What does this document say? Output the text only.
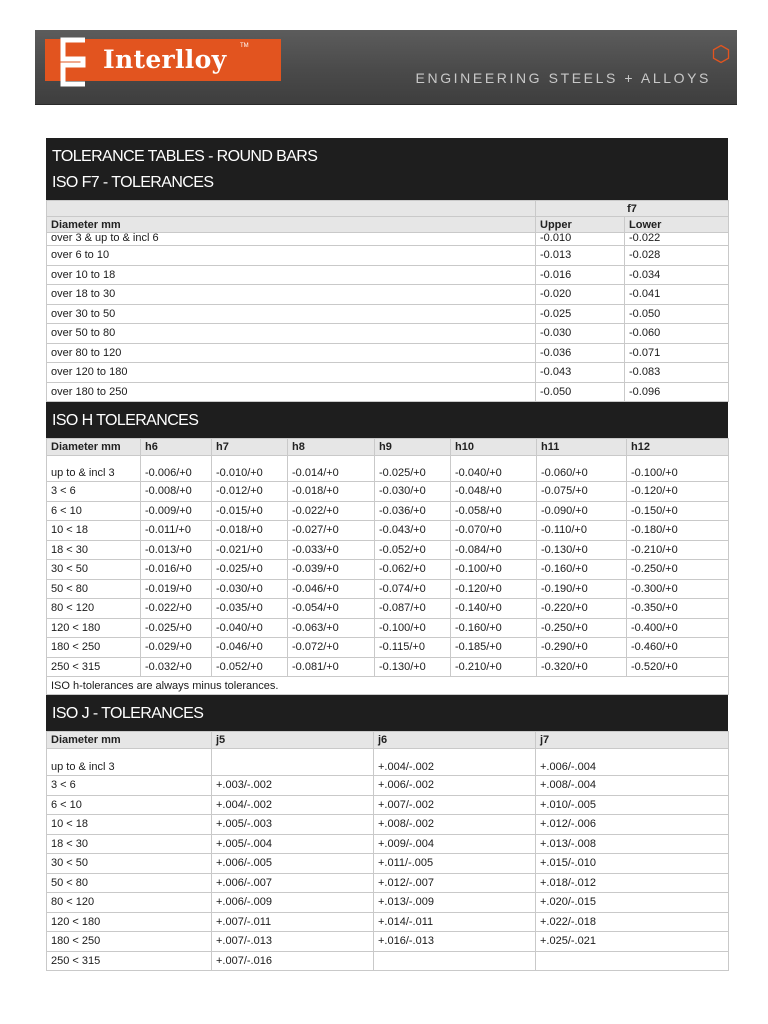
Interlloy TM
ENGINEERING STEELS + ALLOYS
TOLERANCE TABLES - ROUND BARS
ISO F7 - TOLERANCES
	f7	
Diameter mm	Upper	Lower
over 3 & up to & incl 6	-0.010	-0.022
over 6 to 10	-0.013	-0.028
over 10 to 18	-0.016	-0.034
over 18 to 30	-0.020	-0.041
over 30 to 50	-0.025	-0.050
over 50 to 80	-0.030	-0.060
over 80 to 120	-0.036	-0.071
over 120 to 180	-0.043	-0.083
over 180 to 250	-0.050	-0.096
ISO H TOLERANCES
Diameter mm	h6	h7	h8	h9	h10	h11	h12
up to & incl 3	-0.006/+0	-0.010/+0	-0.014/+0	-0.025/+0	-0.040/+0	-0.060/+0	-0.100/+0
3 < 6	-0.008/+0	-0.012/+0	-0.018/+0	-0.030/+0	-0.048/+0	-0.075/+0	-0.120/+0
6 < 10	-0.009/+0	-0.015/+0	-0.022/+0	-0.036/+0	-0.058/+0	-0.090/+0	-0.150/+0
10 < 18	-0.011/+0	-0.018/+0	-0.027/+0	-0.043/+0	-0.070/+0	-0.110/+0	-0.180/+0
18 < 30	-0.013/+0	-0.021/+0	-0.033/+0	-0.052/+0	-0.084/+0	-0.130/+0	-0.210/+0
30 < 50	-0.016/+0	-0.025/+0	-0.039/+0	-0.062/+0	-0.100/+0	-0.160/+0	-0.250/+0
50 < 80	-0.019/+0	-0.030/+0	-0.046/+0	-0.074/+0	-0.120/+0	-0.190/+0	-0.300/+0
80 < 120	-0.022/+0	-0.035/+0	-0.054/+0	-0.087/+0	-0.140/+0	-0.220/+0	-0.350/+0
120 < 180	-0.025/+0	-0.040/+0	-0.063/+0	-0.100/+0	-0.160/+0	-0.250/+0	-0.400/+0
180 < 250	-0.029/+0	-0.046/+0	-0.072/+0	-0.115/+0	-0.185/+0	-0.290/+0	-0.460/+0
250 < 315	-0.032/+0	-0.052/+0	-0.081/+0	-0.130/+0	-0.210/+0	-0.320/+0	-0.520/+0
ISO h-tolerances are always minus tolerances.							
ISO J - TOLERANCES
Diameter mm	j5	j6	j7
up to & incl 3		+.004/-.002	+.006/-.004
3 < 6	+.003/-.002	+.006/-.002	+.008/-.004
6 < 10	+.004/-.002	+.007/-.002	+.010/-.005
10 < 18	+.005/-.003	+.008/-.002	+.012/-.006
18 < 30	+.005/-.004	+.009/-.004	+.013/-.008
30 < 50	+.006/-.005	+.011/-.005	+.015/-.010
50 < 80	+.006/-.007	+.012/-.007	+.018/-.012
80 < 120	+.006/-.009	+.013/-.009	+.020/-.015
120 < 180	+.007/-.011	+.014/-.011	+.022/-.018
180 < 250	+.007/-.013	+.016/-.013	+.025/-.021
250 < 315	+.007/-.016		
